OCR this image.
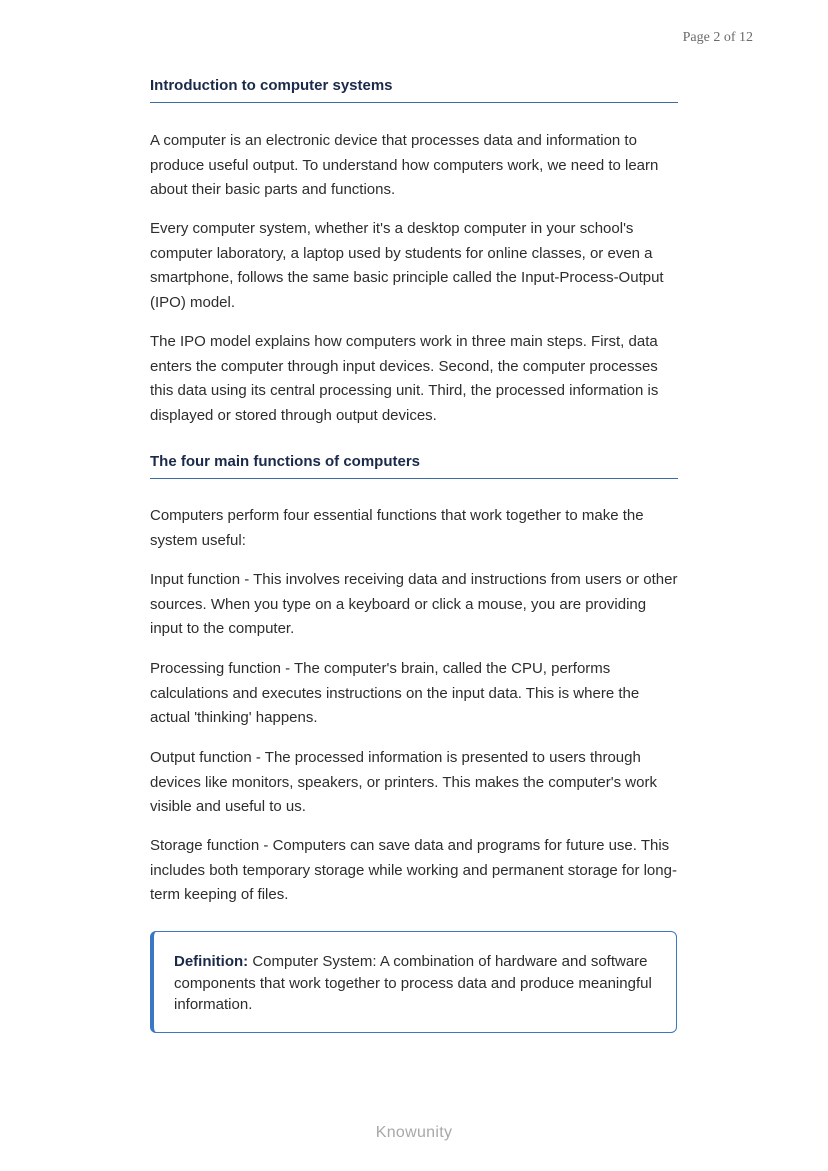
Page 2 of 12
Introduction to computer systems

A computer is an electronic device that processes data and information to produce useful output. To understand how computers work, we need to learn about their basic parts and functions.

Every computer system, whether it's a desktop computer in your school's computer laboratory, a laptop used by students for online classes, or even a smartphone, follows the same basic principle called the Input-Process-Output (IPO) model.

The IPO model explains how computers work in three main steps. First, data enters the computer through input devices. Second, the computer processes this data using its central processing unit. Third, the processed information is displayed or stored through output devices.

The four main functions of computers

Computers perform four essential functions that work together to make the system useful:

Input function - This involves receiving data and instructions from users or other sources. When you type on a keyboard or click a mouse, you are providing input to the computer.

Processing function - The computer's brain, called the CPU, performs calculations and executes instructions on the input data. This is where the actual 'thinking' happens.

Output function - The processed information is presented to users through devices like monitors, speakers, or printers. This makes the computer's work visible and useful to us.

Storage function - Computers can save data and programs for future use. This includes both temporary storage while working and permanent storage for long-term keeping of files.

Definition: Computer System: A combination of hardware and software components that work together to process data and produce meaningful information.
Knowunity
